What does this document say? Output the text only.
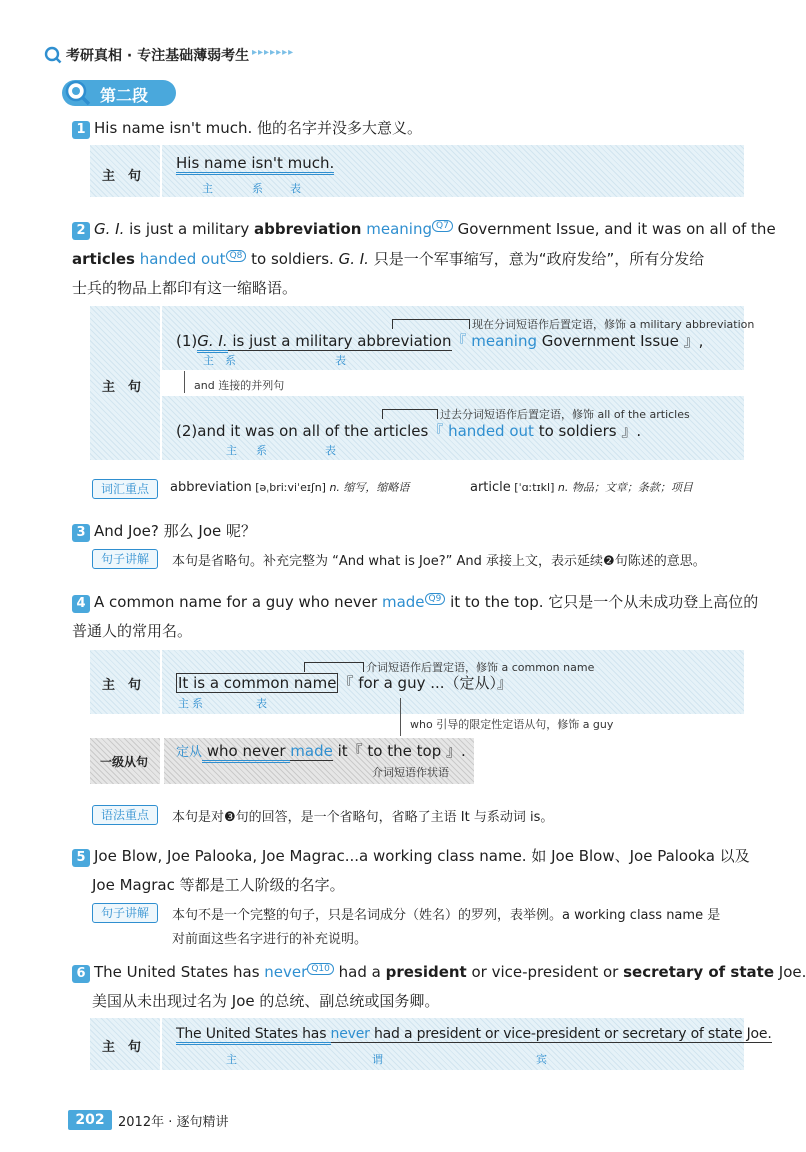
考研真相 · 专注基础薄弱考生 ▸▸▸▸▸▸▸
第二段
1 His name isn't much. 他的名字并没多大意义。
主　句
His name isn't much.
主	系 表
2 G. I. is just a military abbreviation meaning Q7 Government Issue, and it was on all of the
articles handed out Q8 to soldiers. G. I. 只是一个军事缩写，意为“政府发给”，所有分发给
士兵的物品上都印有这一缩略语。
主　句
现在分词短语作后置定语，修饰 a military abbreviation
(1)G. I. is just a military abbreviation『 meaning Government Issue 』,
主 系	表
and 连接的并列句
过去分词短语作后置定语，修饰 all of the articles
(2)and it was on all of the articles『 handed out to soldiers 』.
主 系	表
词汇重点	abbreviation [əˌbriːviˈeɪʃn] n. 缩写，缩略语	article [ˈɑːtɪkl] n. 物品；文章；条款；项目
3 And Joe? 那么 Joe 呢？
句子讲解	本句是省略句。补充完整为 “And what is Joe?” And 承接上文，表示延续❷句陈述的意思。
4 A common name for a guy who never made Q9 it to the top. 它只是一个从未成功登上高位的
普通人的常用名。
主　句
介词短语作后置定语，修饰 a common name
It is a common name 『 for a guy ...（定从）』
主 系	表
who 引导的限定性定语从句，修饰 a guy
一级从句
定从 who never made it『 to the top 』.
介词短语作状语
语法重点	本句是对❸句的回答，是一个省略句，省略了主语 It 与系动词 is。
5 Joe Blow, Joe Palooka, Joe Magrac...a working class name. 如 Joe Blow、Joe Palooka 以及
Joe Magrac 等都是工人阶级的名字。
句子讲解	本句不是一个完整的句子，只是名词成分（姓名）的罗列，表举例。a working class name 是
对前面这些名字进行的补充说明。
6 The United States has never Q10 had a president or vice-president or secretary of state Joe.
美国从未出现过名为 Joe 的总统、副总统或国务卿。
主　句
The United States has never had a president or vice-president or secretary of state Joe.
主	谓	宾
202	2012年 · 逐句精讲
